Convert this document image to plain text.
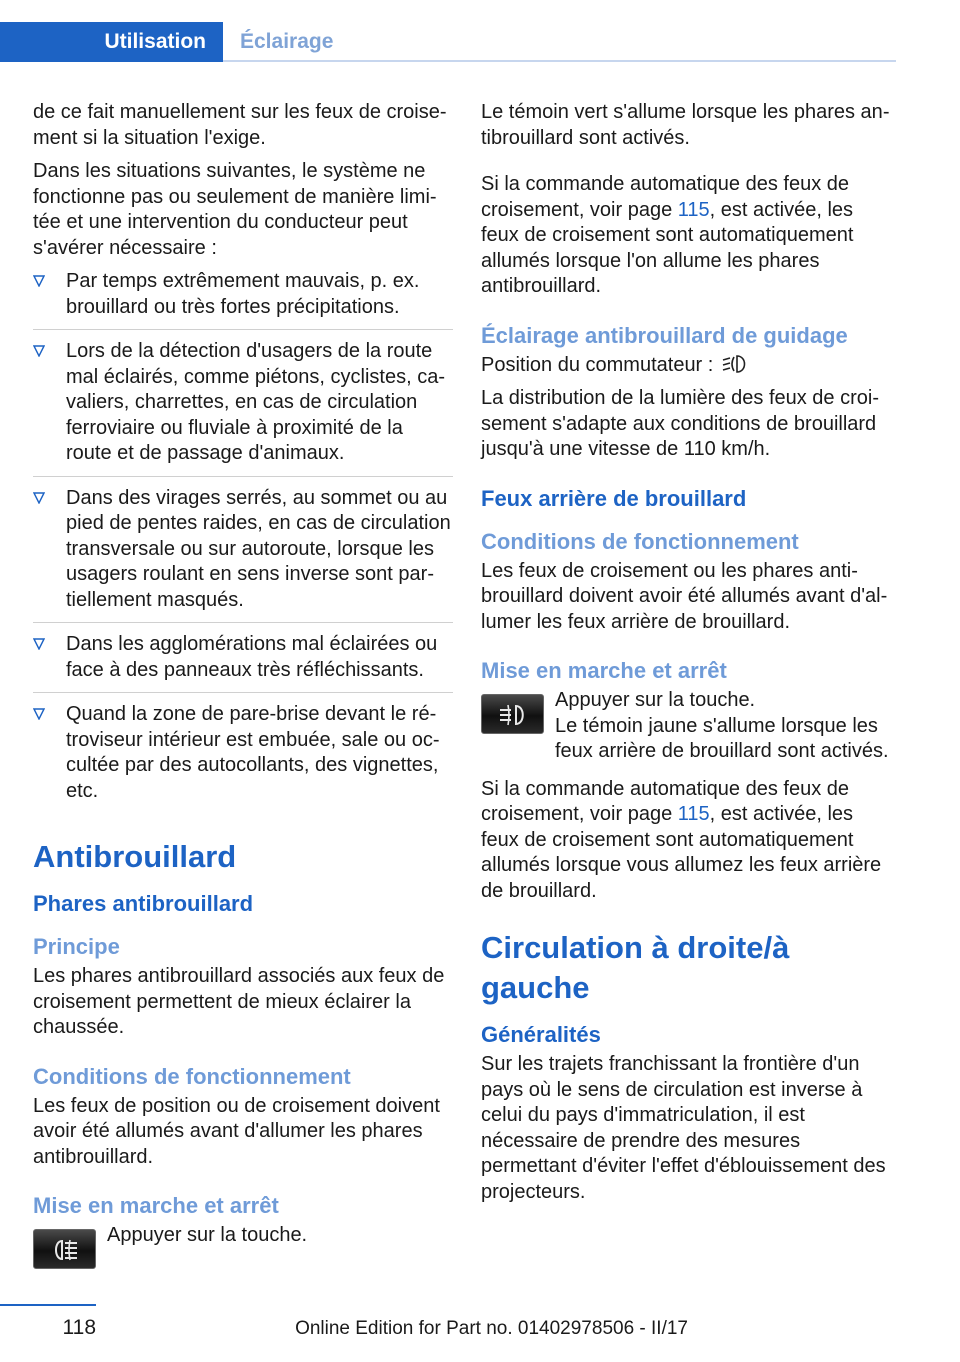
Utilisation	Éclairage

de ce fait manuellement sur les feux de croisement si la situation l'exige.

Dans les situations suivantes, le système ne fonctionne pas ou seulement de manière limitée et une intervention du conducteur peut s'avérer nécessaire :

Par temps extrêmement mauvais, p. ex. brouillard ou très fortes précipitations.
Lors de la détection d'usagers de la route mal éclairés, comme piétons, cyclistes, cavaliers, charrettes, en cas de circulation ferroviaire ou fluviale à proximité de la route et de passage d'animaux.
Dans des virages serrés, au sommet ou au pied de pentes raides, en cas de circulation transversale ou sur autoroute, lorsque les usagers roulant en sens inverse sont partiellement masqués.
Dans les agglomérations mal éclairées ou face à des panneaux très réfléchissants.
Quand la zone de pare-brise devant le rétroviseur intérieur est embuée, sale ou occultée par des autocollants, des vignettes, etc.
Antibrouillard
Phares antibrouillard
Principe

Les phares antibrouillard associés aux feux de croisement permettent de mieux éclairer la chaussée.

Conditions de fonctionnement

Les feux de position ou de croisement doivent avoir été allumés avant d'allumer les phares antibrouillard.

Mise en marche et arrêt

Appuyer sur la touche.

Le témoin vert s'allume lorsque les phares antibrouillard sont activés.

Si la commande automatique des feux de croisement, voir page 115, est activée, les feux de croisement sont automatiquement allumés lorsque l'on allume les phares antibrouillard.

Éclairage antibrouillard de guidage

Position du commutateur :

La distribution de la lumière des feux de croisement s'adapte aux conditions de brouillard jusqu'à une vitesse de 110 km/h.

Feux arrière de brouillard
Conditions de fonctionnement

Les feux de croisement ou les phares antibrouillard doivent avoir été allumés avant d'allumer les feux arrière de brouillard.

Mise en marche et arrêt

Appuyer sur la touche.

Le témoin jaune s'allume lorsque les feux arrière de brouillard sont activés.

Si la commande automatique des feux de croisement, voir page 115, est activée, les feux de croisement sont automatiquement allumés lorsque vous allumez les feux arrière de brouillard.

Circulation à droite/à gauche
Généralités

Sur les trajets franchissant la frontière d'un pays où le sens de circulation est inverse à celui du pays d'immatriculation, il est nécessaire de prendre des mesures permettant d'éviter l'effet d'éblouissement des projecteurs.

118	Online Edition for Part no. 01402978506 - II/17
